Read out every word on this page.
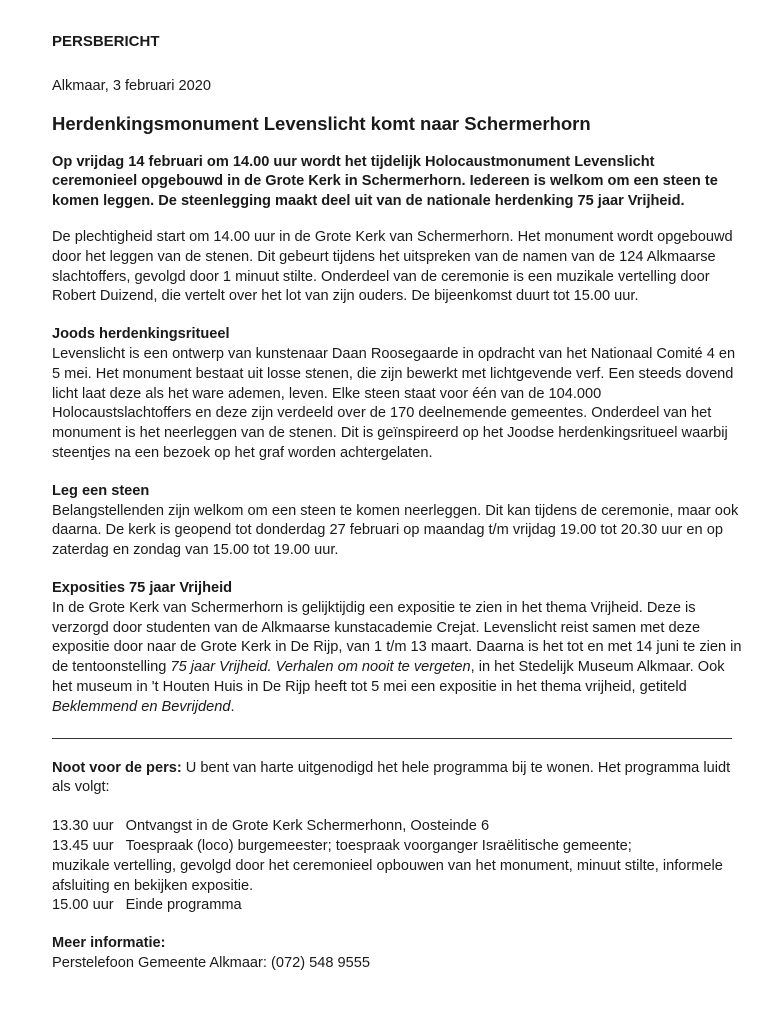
PERSBERICHT

Alkmaar, 3 februari 2020

Herdenkingsmonument Levenslicht komt naar Schermerhorn

Op vrijdag 14 februari om 14.00 uur wordt het tijdelijk Holocaustmonument Levenslicht ceremonieel opgebouwd in de Grote Kerk in Schermerhorn. Iedereen is welkom om een steen te komen leggen. De steenlegging maakt deel uit van de nationale herdenking 75 jaar Vrijheid.

De plechtigheid start om 14.00 uur in de Grote Kerk van Schermerhorn. Het monument wordt opgebouwd door het leggen van de stenen. Dit gebeurt tijdens het uitspreken van de namen van de 124 Alkmaarse slachtoffers, gevolgd door 1 minuut stilte. Onderdeel van de ceremonie is een muzikale vertelling door Robert Duizend, die vertelt over het lot van zijn ouders. De bijeenkomst duurt tot 15.00 uur.

Joods herdenkingsritueel

Levenslicht is een ontwerp van kunstenaar Daan Roosegaarde in opdracht van het Nationaal Comité 4 en 5 mei. Het monument bestaat uit losse stenen, die zijn bewerkt met lichtgevende verf. Een steeds dovend licht laat deze als het ware ademen, leven. Elke steen staat voor één van de 104.000 Holocaustslachtoffers en deze zijn verdeeld over de 170 deelnemende gemeentes. Onderdeel van het monument is het neerleggen van de stenen. Dit is geïnspireerd op het Joodse herdenkingsritueel waarbij steentjes na een bezoek op het graf worden achtergelaten.

Leg een steen

Belangstellenden zijn welkom om een steen te komen neerleggen. Dit kan tijdens de ceremonie, maar ook daarna. De kerk is geopend tot donderdag 27 februari op maandag t/m vrijdag 19.00 tot 20.30 uur en op zaterdag en zondag van 15.00 tot 19.00 uur.

Exposities 75 jaar Vrijheid

In de Grote Kerk van Schermerhorn is gelijktijdig een expositie te zien in het thema Vrijheid. Deze is verzorgd door studenten van de Alkmaarse kunstacademie Crejat. Levenslicht reist samen met deze expositie door naar de Grote Kerk in De Rijp, van 1 t/m 13 maart. Daarna is het tot en met 14 juni te zien in de tentoonstelling 75 jaar Vrijheid. Verhalen om nooit te vergeten, in het Stedelijk Museum Alkmaar. Ook het museum in 't Houten Huis in De Rijp heeft tot 5 mei een expositie in het thema vrijheid, getiteld Beklemmend en Bevrijdend.

Noot voor de pers: U bent van harte uitgenodigd het hele programma bij te wonen. Het programma luidt als volgt:

13.30 uur Ontvangst in de Grote Kerk Schermerhonn, Oosteinde 6
13.45 uur Toespraak (loco) burgemeester; toespraak voorganger Israëlitische gemeente;

muzikale vertelling, gevolgd door het ceremonieel opbouwen van het monument, minuut stilte, informele afsluiting en bekijken expositie.

15.00 uur Einde programma
Meer informatie:

Perstelefoon Gemeente Alkmaar: (072) 548 9555
